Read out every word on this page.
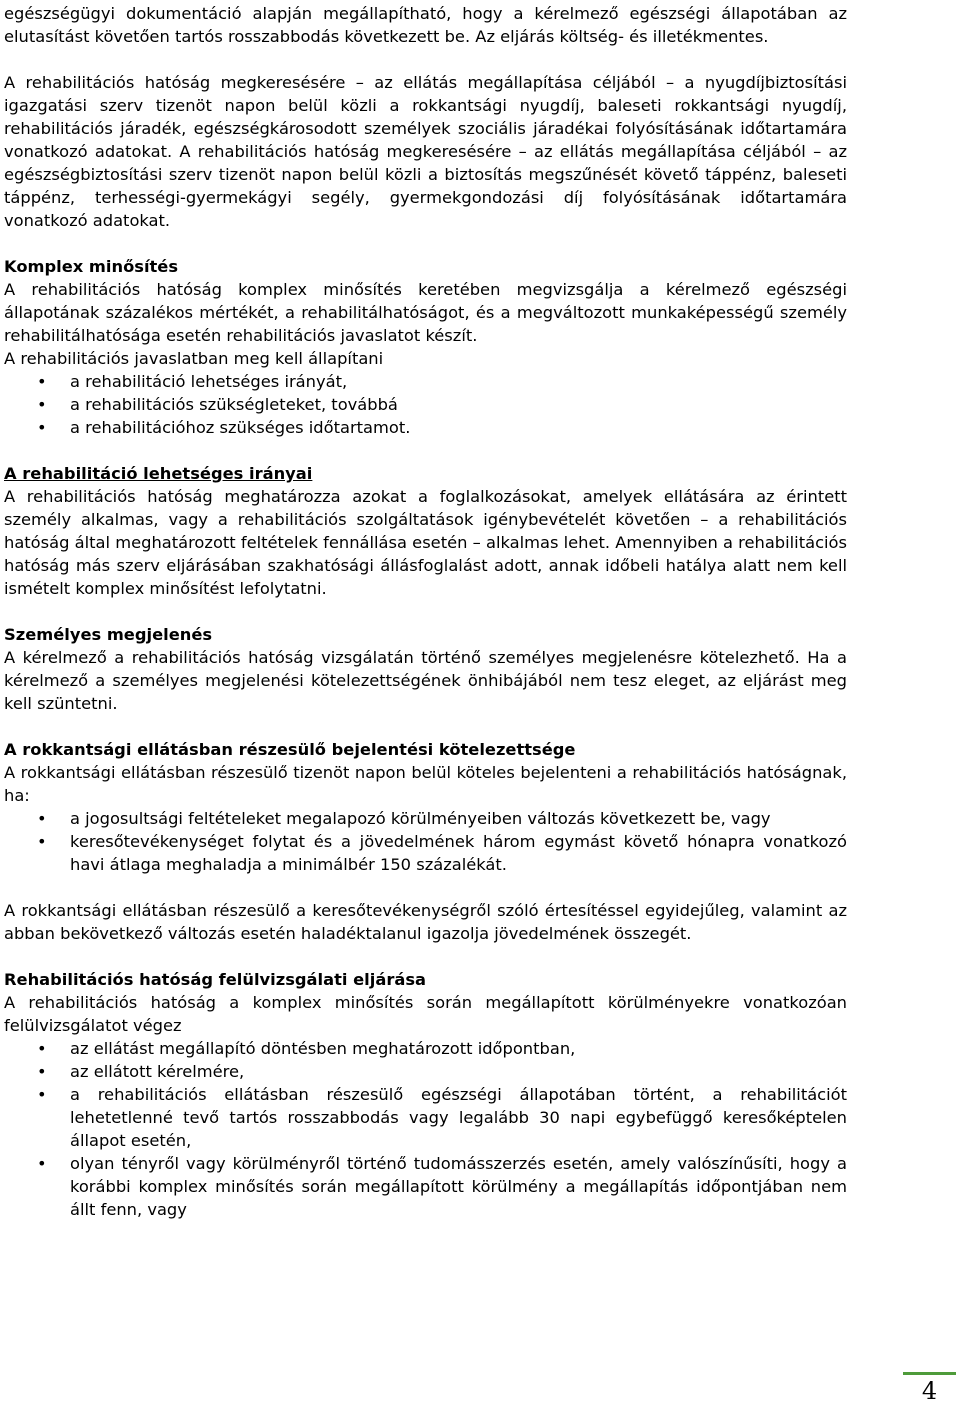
egészségügyi dokumentáció alapján megállapítható, hogy a kérelmező egészségi állapotában az elutasítást követően tartós rosszabbodás következett be. Az eljárás költség- és illetékmentes.

A rehabilitációs hatóság megkeresésére – az ellátás megállapítása céljából – a nyugdíjbiztosítási igazgatási szerv tizenöt napon belül közli a rokkantsági nyugdíj, baleseti rokkantsági nyugdíj, rehabilitációs járadék, egészségkárosodott személyek szociális járadékai folyósításának időtartamára vonatkozó adatokat. A rehabilitációs hatóság megkeresésére – az ellátás megállapítása céljából – az egészségbiztosítási szerv tizenöt napon belül közli a biztosítás megszűnését követő táppénz, baleseti táppénz, terhességi-gyermekágyi segély, gyermekgondozási díj folyósításának időtartamára vonatkozó adatokat.

Komplex minősítés

A rehabilitációs hatóság komplex minősítés keretében megvizsgálja a kérelmező egészségi állapotának százalékos mértékét, a rehabilitálhatóságot, és a megváltozott munkaképességű személy rehabilitálhatósága esetén rehabilitációs javaslatot készít.

A rehabilitációs javaslatban meg kell állapítani

• a rehabilitáció lehetséges irányát,
• a rehabilitációs szükségleteket, továbbá
• a rehabilitációhoz szükséges időtartamot.

A rehabilitáció lehetséges irányai

A rehabilitációs hatóság meghatározza azokat a foglalkozásokat, amelyek ellátására az érintett személy alkalmas, vagy a rehabilitációs szolgáltatások igénybevételét követően – a rehabilitációs hatóság által meghatározott feltételek fennállása esetén – alkalmas lehet. Amennyiben a rehabilitációs hatóság más szerv eljárásában szakhatósági állásfoglalást adott, annak időbeli hatálya alatt nem kell ismételt komplex minősítést lefolytatni.

Személyes megjelenés

A kérelmező a rehabilitációs hatóság vizsgálatán történő személyes megjelenésre kötelezhető. Ha a kérelmező a személyes megjelenési kötelezettségének önhibájából nem tesz eleget, az eljárást meg kell szüntetni.

A rokkantsági ellátásban részesülő bejelentési kötelezettsége

A rokkantsági ellátásban részesülő tizenöt napon belül köteles bejelenteni a rehabilitációs hatóságnak, ha:

• a jogosultsági feltételeket megalapozó körülményeiben változás következett be, vagy
• keresőtevékenységet folytat és a jövedelmének három egymást követő hónapra vonatkozó havi átlaga meghaladja a minimálbér 150 százalékát.

A rokkantsági ellátásban részesülő a keresőtevékenységről szóló értesítéssel egyidejűleg, valamint az abban bekövetkező változás esetén haladéktalanul igazolja jövedelmének összegét.

Rehabilitációs hatóság felülvizsgálati eljárása

A rehabilitációs hatóság a komplex minősítés során megállapított körülményekre vonatkozóan felülvizsgálatot végez

• az ellátást megállapító döntésben meghatározott időpontban,
• az ellátott kérelmére,
• a rehabilitációs ellátásban részesülő egészségi állapotában történt, a rehabilitációt lehetetlenné tevő tartós rosszabbodás vagy legalább 30 napi egybefüggő keresőképtelen állapot esetén,
• olyan tényről vagy körülményről történő tudomásszerzés esetén, amely valószínűsíti, hogy a korábbi komplex minősítés során megállapított körülmény a megállapítás időpontjában nem állt fenn, vagy
4
